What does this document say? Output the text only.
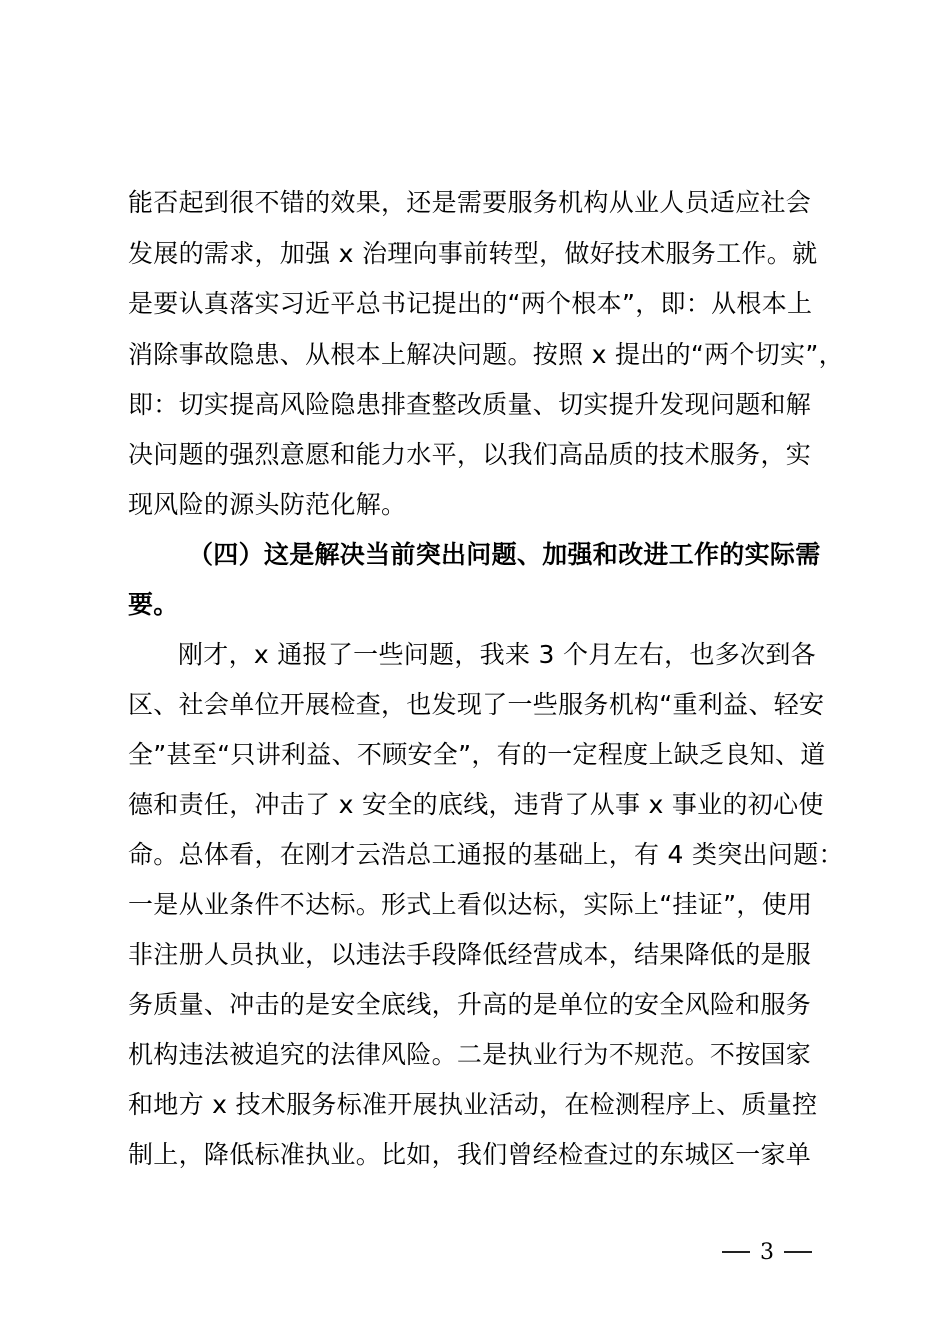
能否起到很不错的效果，还是需要服务机构从业人员适应社会
发展的需求，加强 x 治理向事前转型，做好技术服务工作。就
是要认真落实习近平总书记提出的“两个根本”，即：从根本上
消除事故隐患、从根本上解决问题。按照 x 提出的“两个切实”，
即：切实提高风险隐患排查整改质量、切实提升发现问题和解
决问题的强烈意愿和能力水平，以我们高品质的技术服务，实
现风险的源头防范化解。
（四）这是解决当前突出问题、加强和改进工作的实际需
要。
刚才，x 通报了一些问题，我来 3 个月左右，也多次到各
区、社会单位开展检查，也发现了一些服务机构“重利益、轻安
全”甚至“只讲利益、不顾安全”，有的一定程度上缺乏良知、道
德和责任，冲击了 x 安全的底线，违背了从事 x 事业的初心使
命。总体看，在刚才云浩总工通报的基础上，有 4 类突出问题：
一是从业条件不达标。形式上看似达标，实际上“挂证”，使用
非注册人员执业，以违法手段降低经营成本，结果降低的是服
务质量、冲击的是安全底线，升高的是单位的安全风险和服务
机构违法被追究的法律风险。二是执业行为不规范。不按国家
和地方 x 技术服务标准开展执业活动，在检测程序上、质量控
制上，降低标准执业。比如，我们曾经检查过的东城区一家单
3
